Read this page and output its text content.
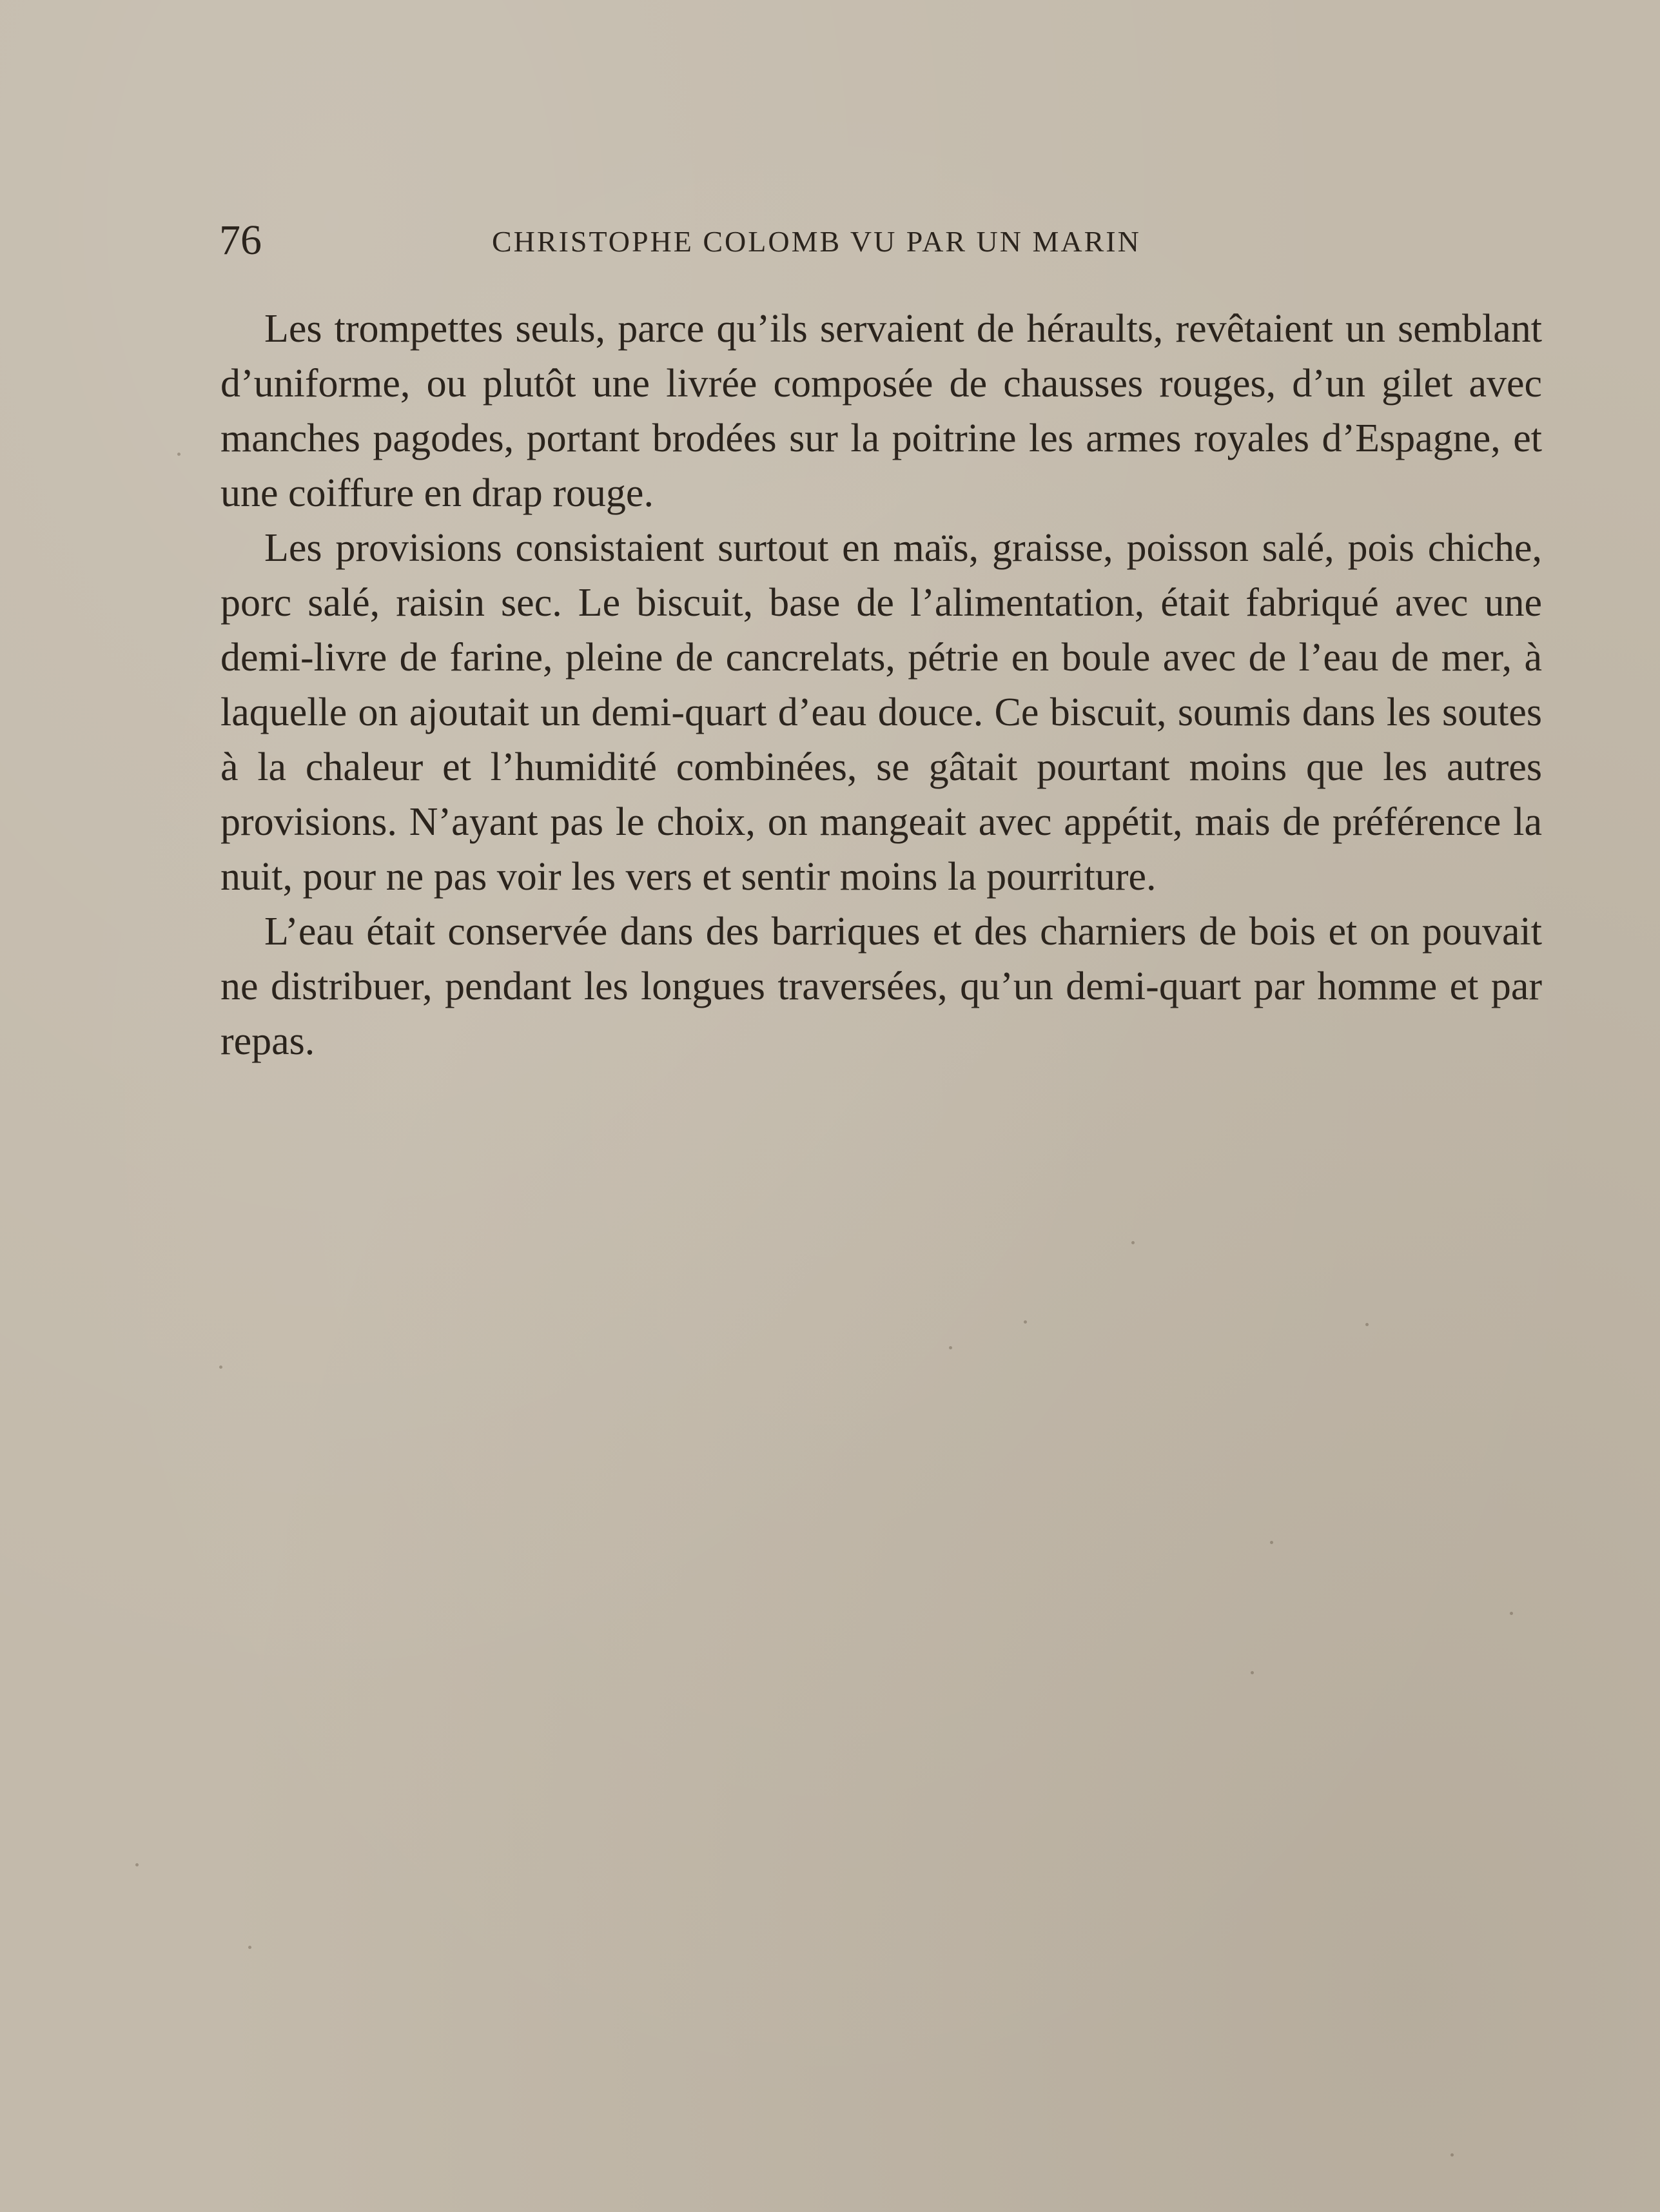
76	CHRISTOPHE COLOMB VU PAR UN MARIN

Les trompettes seuls, parce qu’ils servaient de héraults, revêtaient un semblant d’uniforme, ou plutôt une livrée composée de chausses rouges, d’un gilet avec manches pagodes, portant brodées sur la poitrine les armes royales d’Espagne, et une coiffure en drap rouge.

Les provisions consistaient surtout en maïs, graisse, poisson salé, pois chiche, porc salé, raisin sec. Le biscuit, base de l’alimentation, était fabriqué avec une demi-livre de farine, pleine de cancrelats, pétrie en boule avec de l’eau de mer, à laquelle on ajoutait un demi-quart d’eau douce. Ce biscuit, soumis dans les soutes à la chaleur et l’humidité combinées, se gâtait pourtant moins que les autres provisions. N’ayant pas le choix, on mangeait avec appétit, mais de préférence la nuit, pour ne pas voir les vers et sentir moins la pourriture.

L’eau était conservée dans des barriques et des charniers de bois et on pouvait ne distribuer, pendant les longues traversées, qu’un demi-quart par homme et par repas.
